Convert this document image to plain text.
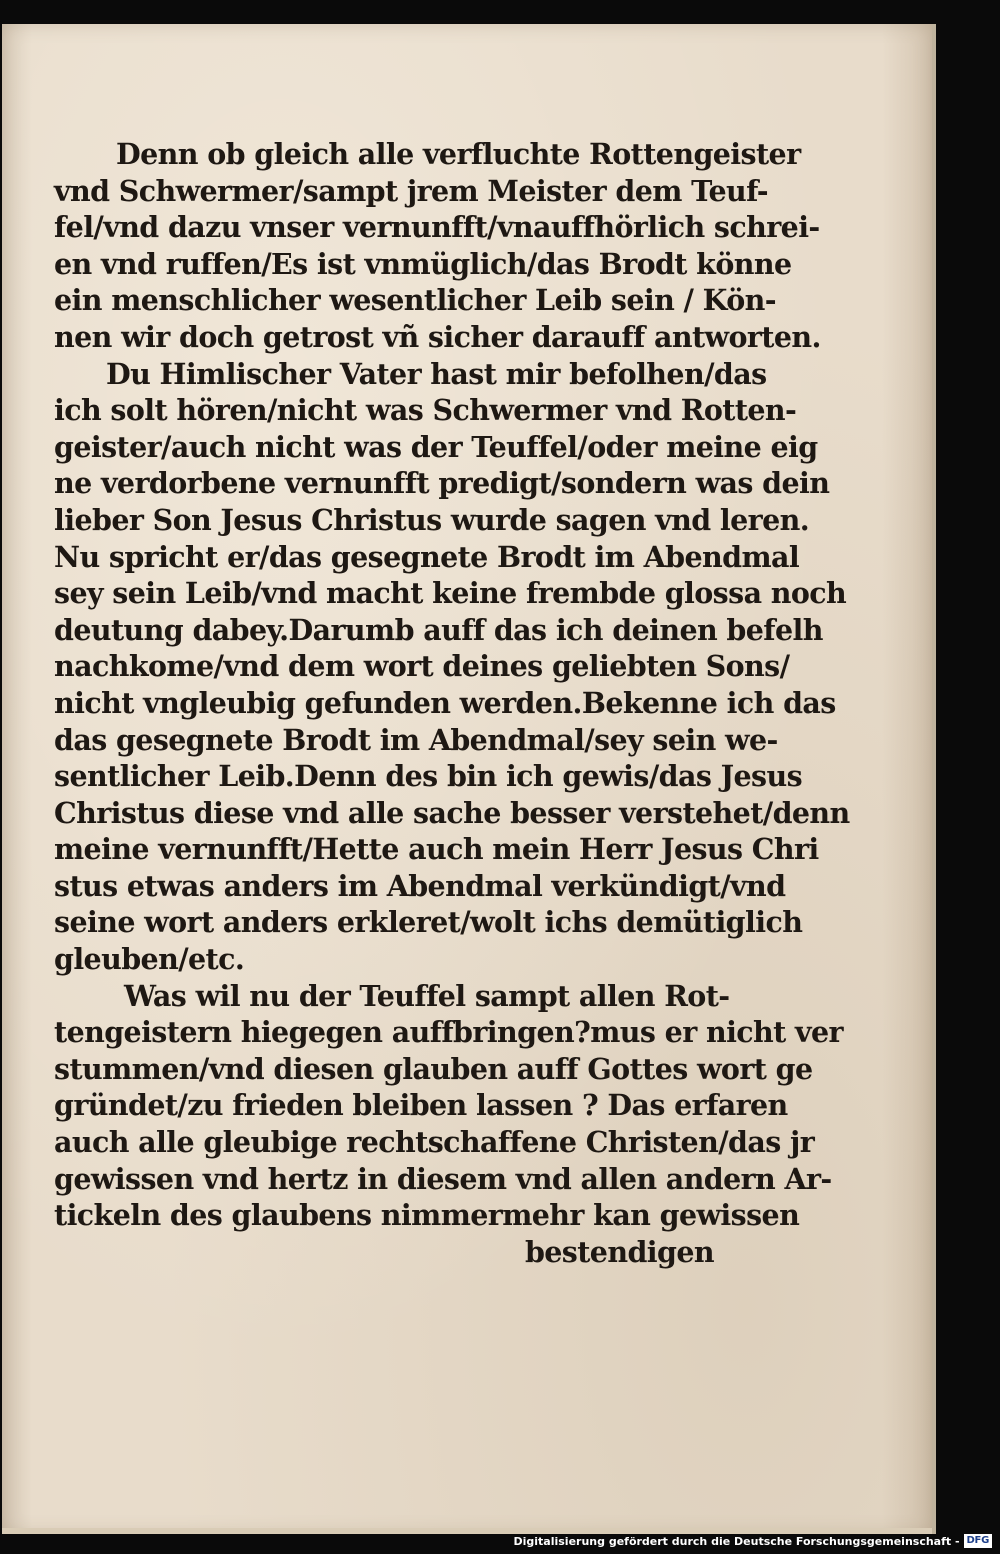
Denn ob gleich alle verfluchte Rottengeister
vnd Schwermer/sampt jrem Meister dem Teuf-
fel/vnd dazu vnser vernunfft/vnauffhörlich schrei-
en vnd ruffen/Es ist vnmüglich/das Brodt könne
ein menschlicher wesentlicher Leib sein / Kön-
nen wir doch getrost vñ sicher darauff antworten.
Du Himlischer Vater hast mir befolhen/das
ich solt hören/nicht was Schwermer vnd Rotten-
geister/auch nicht was der Teuffel/oder meine eig
ne verdorbene vernunfft predigt/sondern was dein
lieber Son Jesus Christus wurde sagen vnd leren.
Nu spricht er/das gesegnete Brodt im Abendmal
sey sein Leib/vnd macht keine frembde glossa noch
deutung dabey.Darumb auff das ich deinen befelh
nachkome/vnd dem wort deines geliebten Sons/
nicht vngleubig gefunden werden.Bekenne ich das
das gesegnete Brodt im Abendmal/sey sein we-
sentlicher Leib.Denn des bin ich gewis/das Jesus
Christus diese vnd alle sache besser verstehet/denn
meine vernunfft/Hette auch mein Herr Jesus Chri
stus etwas anders im Abendmal verkündigt/vnd
seine wort anders erkleret/wolt ichs demütiglich
gleuben/etc.
Was wil nu der Teuffel sampt allen Rot-
tengeistern hiegegen auffbringen?mus er nicht ver
stummen/vnd diesen glauben auff Gottes wort ge
gründet/zu frieden bleiben lassen ? Das erfaren
auch alle gleubige rechtschaffene Christen/das jr
gewissen vnd hertz in diesem vnd allen andern Ar-
tickeln des glaubens nimmermehr kan gewissen
bestendigen
Digitalisierung gefördert durch die Deutsche Forschungsgemeinschaft - DFG
